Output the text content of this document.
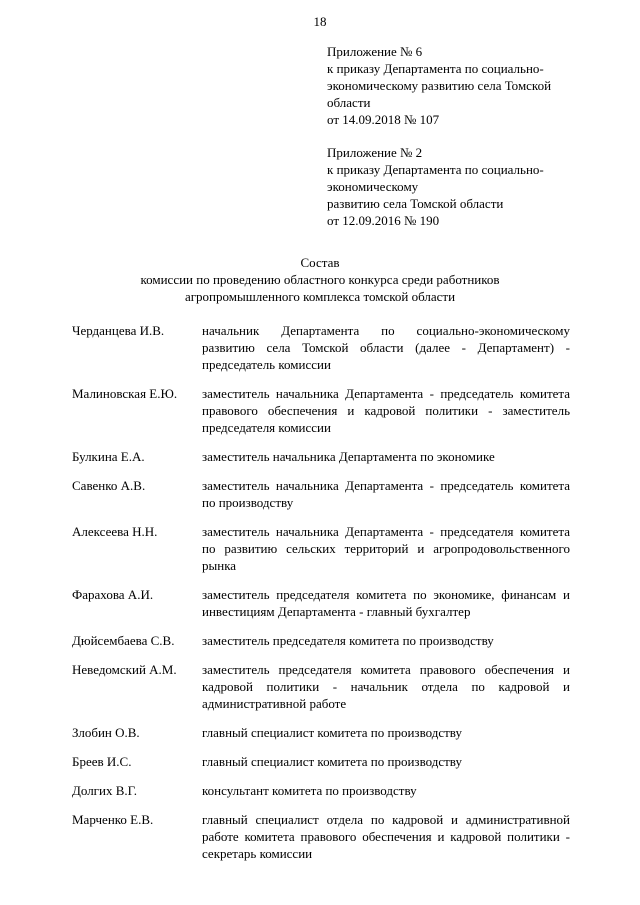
18
Приложение № 6
к приказу Департамента по социально-
экономическому развитию села Томской
области
от 14.09.2018 № 107
Приложение № 2
к приказу Департамента по социально-
экономическому
развитию села Томской области
от 12.09.2016 № 190
Состав
комиссии по проведению областного конкурса среди работников
агропромышленного комплекса томской области
Черданцева И.В.	начальник Департамента по социально-экономическому развитию села Томской области (далее - Департамент) - председатель комиссии
Малиновская Е.Ю.	заместитель начальника Департамента - председатель комитета правового обеспечения и кадровой политики - заместитель председателя комиссии
Булкина Е.А.	заместитель начальника Департамента по экономике
Савенко А.В.	заместитель начальника Департамента - председатель комитета по производству
Алексеева Н.Н.	заместитель начальника Департамента - председателя комитета по развитию сельских территорий и агропродовольственного рынка
Фарахова А.И.	заместитель председателя комитета по экономике, финансам и инвестициям Департамента - главный бухгалтер
Дюйсембаева С.В.	заместитель председателя комитета по производству
Неведомский А.М.	заместитель председателя комитета правового обеспечения и кадровой политики - начальник отдела по кадровой и административной работе
Злобин О.В.	главный специалист комитета по производству
Бреев И.С.	главный специалист комитета по производству
Долгих В.Г.	консультант комитета по производству
Марченко Е.В.	главный специалист отдела по кадровой и административной работе комитета правового обеспечения и кадровой политики - секретарь комиссии
